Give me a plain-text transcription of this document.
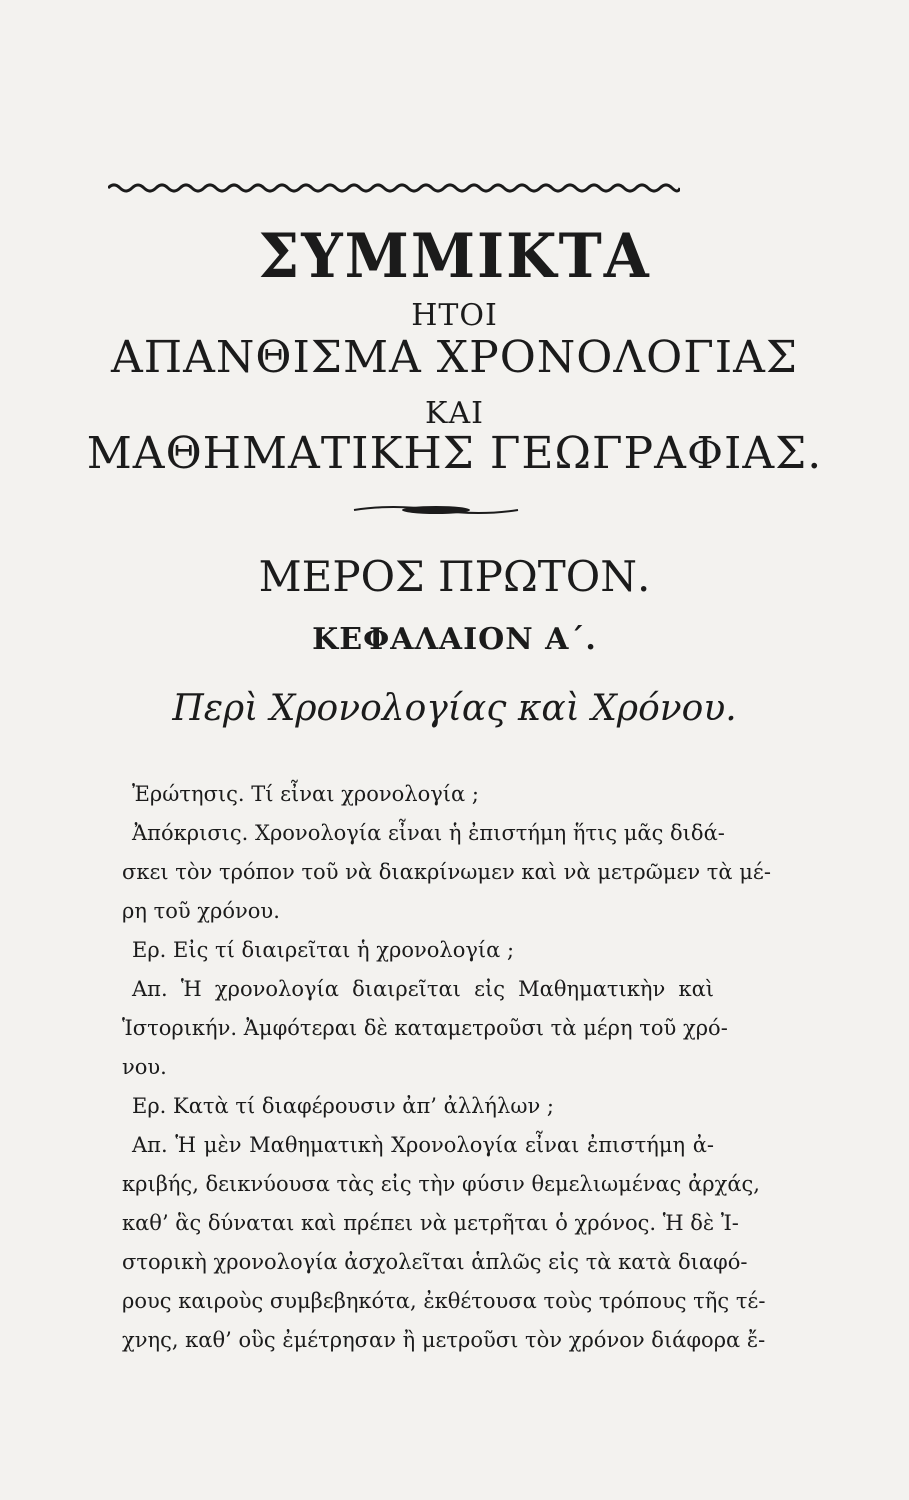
ΣΥΜΜΙΚΤΑ
ΗΤΟΙ
ΑΠΑΝΘΙΣΜΑ ΧΡΟΝΟΛΟΓΙΑΣ
ΚΑΙ
ΜΑΘΗΜΑΤΙΚΗΣ ΓΕΩΓΡΑΦΙΑΣ.
ΜΕΡΟΣ ΠΡΩΤΟΝ.
ΚΕΦΑΛΑΙΟΝ Α΄.
Περὶ Χρονολογίας καὶ Χρόνου.
Ἐρώτησις. Τί εἶναι χρονολογία ;
Ἀπόκρισις. Χρονολογία εἶναι ἡ ἐπιστήμη ἥτις μᾶς διδά-
σκει τὸν τρόπον τοῦ νὰ διακρίνωμεν καὶ νὰ μετρῶμεν τὰ μέ-
ρη τοῦ χρόνου.
Ερ. Εἰς τί διαιρεῖται ἡ χρονολογία ;
Απ. Ἡ χρονολογία διαιρεῖται εἰς Μαθηματικὴν καὶ
Ἱστορικήν. Ἀμφότεραι δὲ καταμετροῦσι τὰ μέρη τοῦ χρό-
νου.
Ερ. Κατὰ τί διαφέρουσιν ἀπ’ ἀλλήλων ;
Απ. Ἡ μὲν Μαθηματικὴ Χρονολογία εἶναι ἐπιστήμη ἀ-
κριβής, δεικνύουσα τὰς εἰς τὴν φύσιν θεμελιωμένας ἀρχάς,
καθ’ ἃς δύναται καὶ πρέπει νὰ μετρῆται ὁ χρόνος. Ἡ δὲ Ἰ-
στορικὴ χρονολογία ἀσχολεῖται ἁπλῶς εἰς τὰ κατὰ διαφό-
ρους καιροὺς συμβεβηκότα, ἐκθέτουσα τοὺς τρόπους τῆς τέ-
χνης, καθ’ οὓς ἐμέτρησαν ἢ μετροῦσι τὸν χρόνον διάφορα ἔ-
